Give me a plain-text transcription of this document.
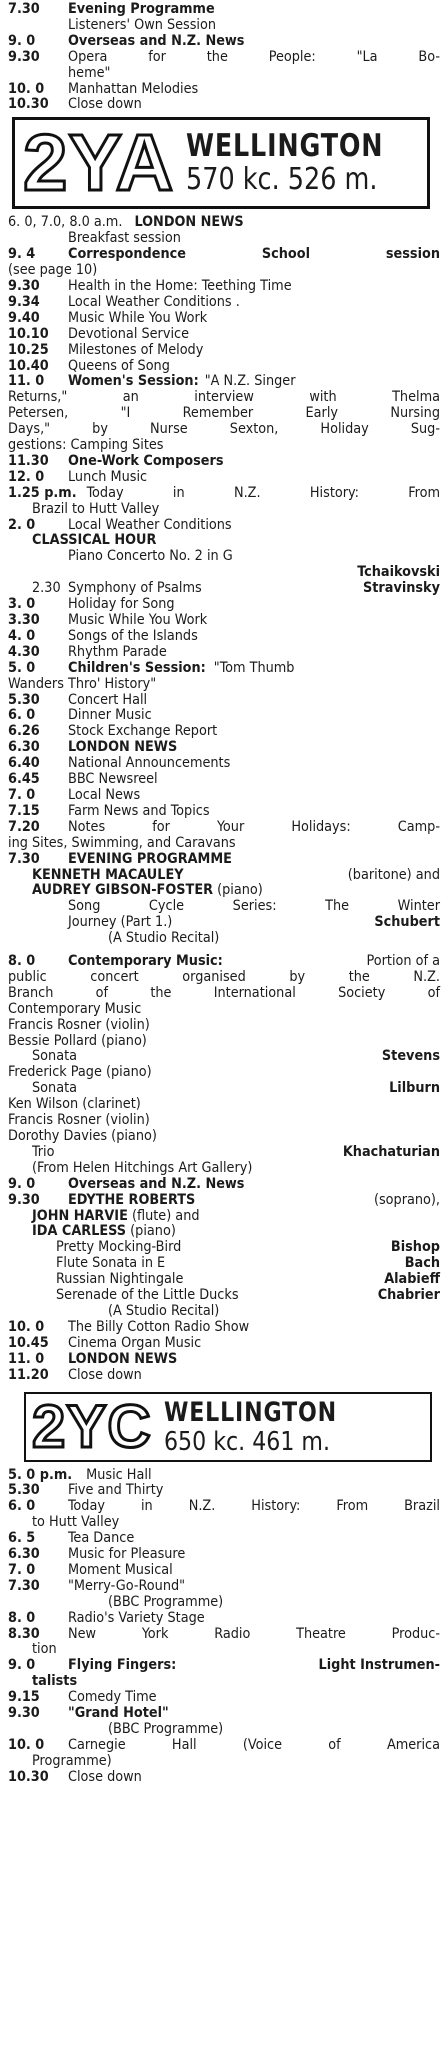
7.30	Evening Programme
Listeners' Own Session
9. 0	Overseas and N.Z. News
9.30	Opera for the People: "La Bo-
heme"
10. 0	Manhattan Melodies
10.30	Close down
2YA WELLINGTON
570 kc. 526 m.
6. 0, 7.0, 8.0 a.m. LONDON NEWS
Breakfast session
9. 4	Correspondence School session
(see page 10)
9.30	Health in the Home: Teething Time
9.34	Local Weather Conditions .
9.40	Music While You Work
10.10	Devotional Service
10.25	Milestones of Melody
10.40	Queens of Song
11. 0	Women's Session: "A N.Z. Singer
Returns," an interview with Thelma
Petersen, "I Remember Early Nursing
Days," by Nurse Sexton, Holiday Sug-
gestions: Camping Sites
11.30	One-Work Composers
12. 0	Lunch Music
1.25 p.m. Today in N.Z. History: From
Brazil to Hutt Valley
2. 0	Local Weather Conditions
CLASSICAL HOUR
Piano Concerto No. 2 in G
Tchaikovski
2.30 Symphony of Psalms	Stravinsky
3. 0	Holiday for Song
3.30	Music While You Work
4. 0	Songs of the Islands
4.30	Rhythm Parade
5. 0	Children's Session: "Tom Thumb
Wanders Thro' History"
5.30	Concert Hall
6. 0	Dinner Music
6.26	Stock Exchange Report
6.30	LONDON NEWS
6.40	National Announcements
6.45	BBC Newsreel
7. 0	Local News
7.15	Farm News and Topics
7.20	Notes for Your Holidays: Camp-
ing Sites, Swimming, and Caravans
7.30	EVENING PROGRAMME
KENNETH MACAULEY	(baritone) and
AUDREY GIBSON-FOSTER (piano)
Song Cycle Series: The Winter
Journey (Part 1.)	Schubert
(A Studio Recital)
8. 0	Contemporary Music:	Portion of a
public concert organised by the N.Z.
Branch of the International Society of
Contemporary Music
Francis Rosner (violin)
Bessie Pollard (piano)
Sonata	Stevens
Frederick Page (piano)
Sonata	Lilburn
Ken Wilson (clarinet)
Francis Rosner (violin)
Dorothy Davies (piano)
Trio	Khachaturian
(From Helen Hitchings Art Gallery)
9. 0	Overseas and N.Z. News
9.30	EDYTHE ROBERTS	(soprano),
JOHN HARVIE (flute) and
IDA CARLESS (piano)
Pretty Mocking-Bird	Bishop
Flute Sonata in E	Bach
Russian Nightingale	Alabieff
Serenade of the Little Ducks	Chabrier
(A Studio Recital)
10. 0	The Billy Cotton Radio Show
10.45	Cinema Organ Music
11. 0	LONDON NEWS
11.20	Close down
2YC WELLINGTON
650 kc. 461 m.
5. 0 p.m. Music Hall
5.30	Five and Thirty
6. 0	Today in N.Z. History: From Brazil
to Hutt Valley
6. 5	Tea Dance
6.30	Music for Pleasure
7. 0	Moment Musical
7.30	"Merry-Go-Round"
(BBC Programme)
8. 0	Radio's Variety Stage
8.30	New York Radio Theatre Produc-
tion
9. 0	Flying Fingers:	Light Instrumen-
talists
9.15	Comedy Time
9.30	"Grand Hotel"
(BBC Programme)
10. 0	Carnegie Hall (Voice of America
Programme)
10.30	Close down
